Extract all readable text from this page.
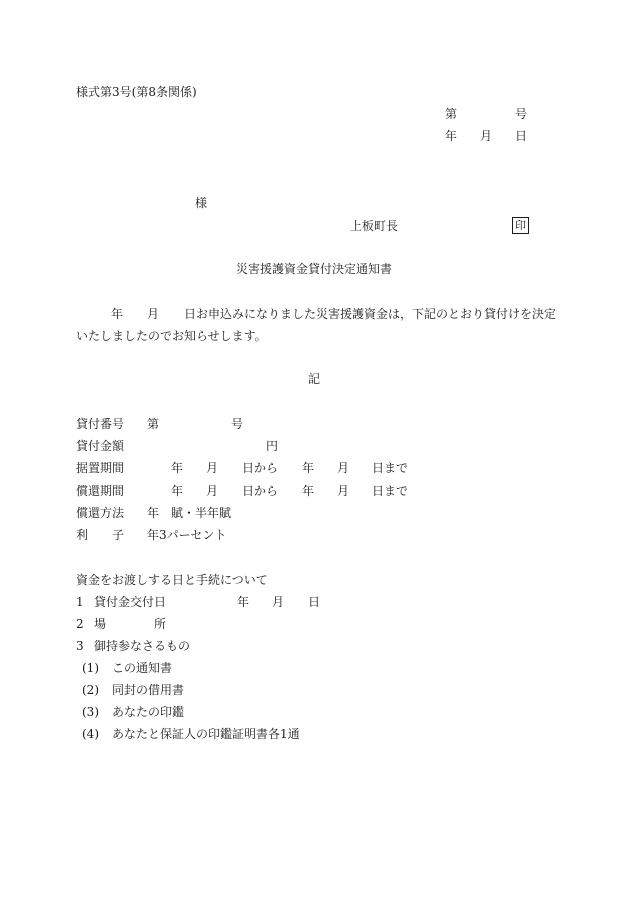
様式第3号(第8条関係)
第	号
年 月 日
様
上板町長	印
災害援護資金貸付決定通知書
年 月 日お申込みになりました災害援護資金は，下記のとおり貸付けを決定
いたしましたのでお知らせします。
記
貸付番号 第	号
貸付金額	円
据置期間	年 月 日から 年 月 日まで
償還期間	年 月 日から 年 月 日まで
償還方法 年　賦・半年賦
利　　子 年3パーセント
資金をお渡しする日と手続について
1 貸付金交付日	年 月 日
2 場　　　　所
3 御持参なさるもの
(1) この通知書
(2) 同封の借用書
(3) あなたの印鑑
(4) あなたと保証人の印鑑証明書各1通
